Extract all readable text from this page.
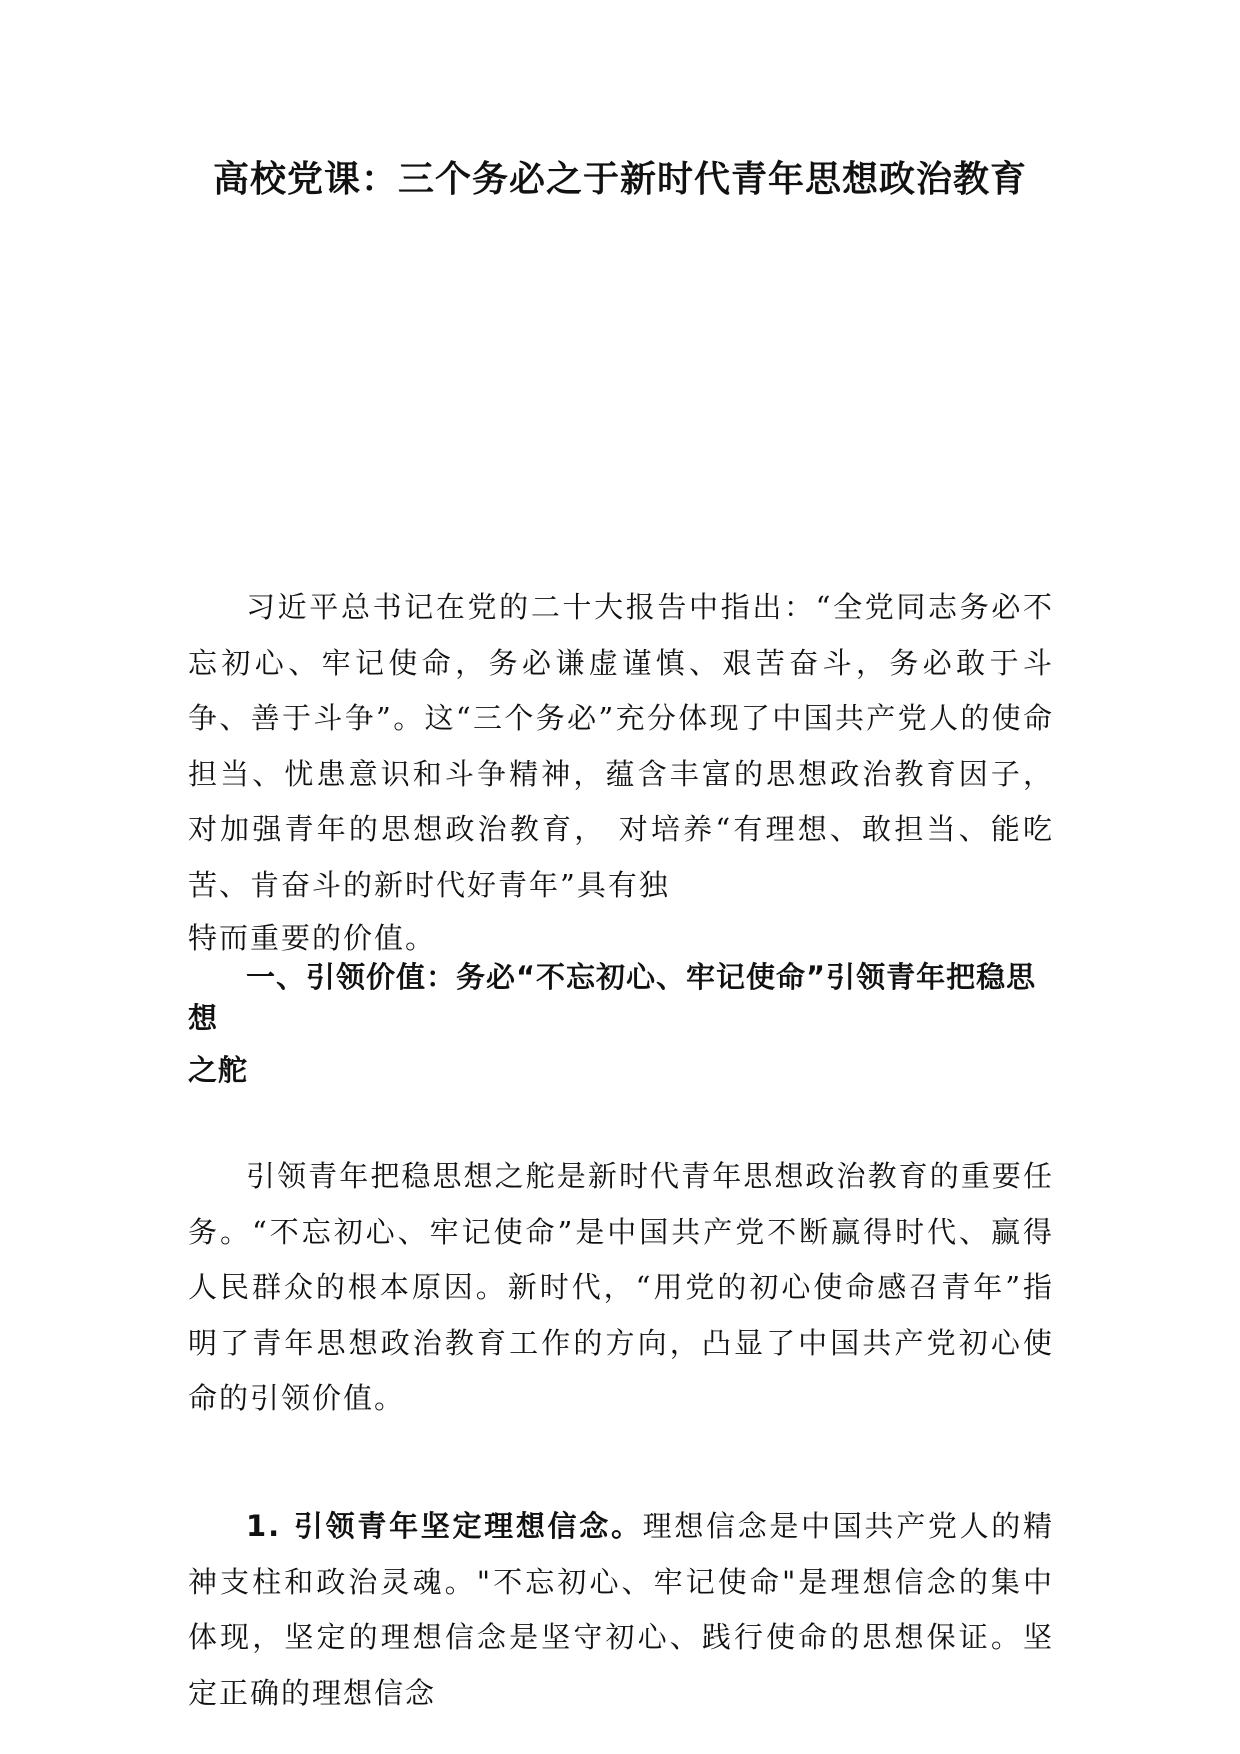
高校党课：三个务必之于新时代青年思想政治教育

习近平总书记在党的二十大报告中指出：“全党同志务必不忘初心、牢记使命，务必谦虚谨慎、艰苦奋斗，务必敢于斗争、善于斗争”。这“三个务必”充分体现了中国共产党人的使命担当、忧患意识和斗争精神，蕴含丰富的思想政治教育因子，对加强青年的思想政治教育， 对培养“有理想、敢担当、能吃苦、肯奋斗的新时代好青年”具有独

特而重要的价值。

一、引领价值：务必“不忘初心、牢记使命”引领青年把稳思想
之舵

引领青年把稳思想之舵是新时代青年思想政治教育的重要任务。“不忘初心、牢记使命”是中国共产党不断赢得时代、赢得人民群众的根本原因。新时代，“用党的初心使命感召青年”指明了青年思想政治教育工作的方向，凸显了中国共产党初心使命的引领价值。

1. 引领青年坚定理想信念。理想信念是中国共产党人的精神支柱和政治灵魂。"不忘初心、牢记使命"是理想信念的集中体现，坚定的理想信念是坚守初心、践行使命的思想保证。坚定正确的理想信念
